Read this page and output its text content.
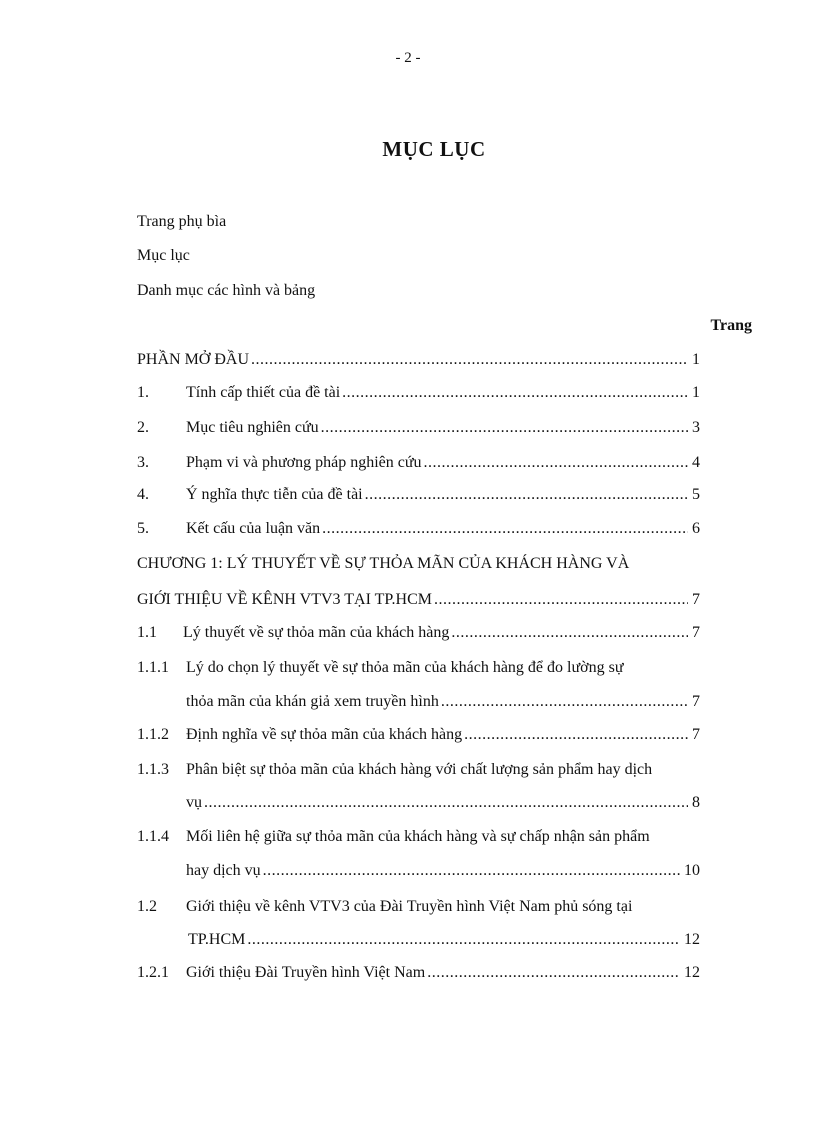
- 2 -
MỤC LỤC
Trang phụ bìa
Mục lục
Danh mục các hình và bảng
Trang
PHẦN MỞ ĐẦU .....	1
1. Tính cấp thiết của đề tài .....	1
2. Mục tiêu nghiên cứu .....	3
3. Phạm vi và phương pháp nghiên cứu .....	4
4. Ý nghĩa thực tiễn của đề tài .....	5
5. Kết cấu của luận văn .....	6
CHƯƠNG 1: LÝ THUYẾT VỀ SỰ THỎA MÃN CỦA KHÁCH HÀNG VÀ
GIỚI THIỆU VỀ KÊNH VTV3 TẠI TP.HCM .....	7
1.1 Lý thuyết về sự thỏa mãn của khách hàng .....	7
1.1.1 Lý do chọn lý thuyết về sự thỏa mãn của khách hàng để đo lường sự
thỏa mãn của khán giả xem truyền hình .....	7
1.1.2 Định nghĩa về sự thỏa mãn của khách hàng .....	7
1.1.3 Phân biệt sự thỏa mãn của khách hàng với chất lượng sản phẩm hay dịch
vụ .....	8
1.1.4 Mối liên hệ giữa sự thỏa mãn của khách hàng và sự chấp nhận sản phẩm
hay dịch vụ .....	10
1.2 Giới thiệu về kênh VTV3 của Đài Truyền hình Việt Nam phủ sóng tại
TP.HCM .....	12
1.2.1 Giới thiệu Đài Truyền hình Việt Nam .....	12
